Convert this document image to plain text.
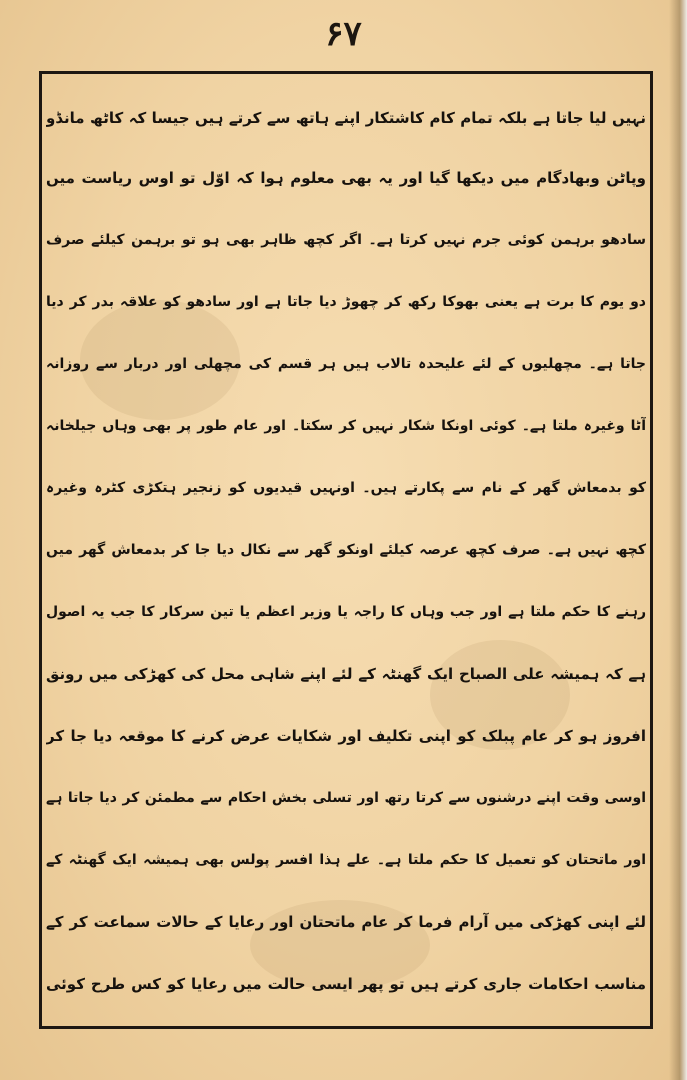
۶۷
نہیں لیا جاتا ہے بلکہ تمام کام کاشتکار اپنے ہاتھ سے کرتے ہیں جیسا کہ کاٹھ مانڈو
وپاٹن وبھادگام میں دیکھا گیا اور یہ بھی معلوم ہوا کہ اوّل تو اوس ریاست میں
سادھو برہمن کوئی جرم نہیں کرتا ہے۔ اگر کچھ ظاہر بھی ہو تو برہمن کیلئے صرف
دو یوم کا برت ہے یعنی بھوکا رکھ کر چھوڑ دیا جاتا ہے اور سادھو کو علاقہ بدر کر دیا
جاتا ہے۔ مچھلیوں کے لئے علیحدہ تالاب ہیں ہر قسم کی مچھلی اور دربار سے روزانہ
آٹا وغیرہ ملتا ہے۔ کوئی اونکا شکار نہیں کر سکتا۔ اور عام طور پر بھی وہاں جیلخانہ
کو بدمعاش گھر کے نام سے پکارتے ہیں۔ اونہیں قیدیوں کو زنجیر ہتکڑی کٹرہ وغیرہ
کچھ نہیں ہے۔ صرف کچھ عرصہ کیلئے اونکو گھر سے نکال دیا جا کر بدمعاش گھر میں
رہنے کا حکم ملتا ہے اور جب وہاں کا راجہ یا وزیر اعظم یا تین سرکار کا جب یہ اصول
ہے کہ ہمیشہ علی الصباح ایک گھنٹہ کے لئے اپنے شاہی محل کی کھڑکی میں رونق
افروز ہو کر عام پبلک کو اپنی تکلیف اور شکایات عرض کرنے کا موقعہ دیا جا کر
اوسی وقت اپنے درشنوں سے کرتا رتھ اور تسلی بخش احکام سے مطمئن کر دیا جاتا ہے
اور ماتحتان کو تعمیل کا حکم ملتا ہے۔ علے ہذا افسر پولس بھی ہمیشہ ایک گھنٹہ کے
لئے اپنی کھڑکی میں آرام فرما کر عام ماتحتان اور رعایا کے حالات سماعت کر کے
مناسب احکامات جاری کرتے ہیں تو پھر ایسی حالت میں رعایا کو کس طرح کوئی
